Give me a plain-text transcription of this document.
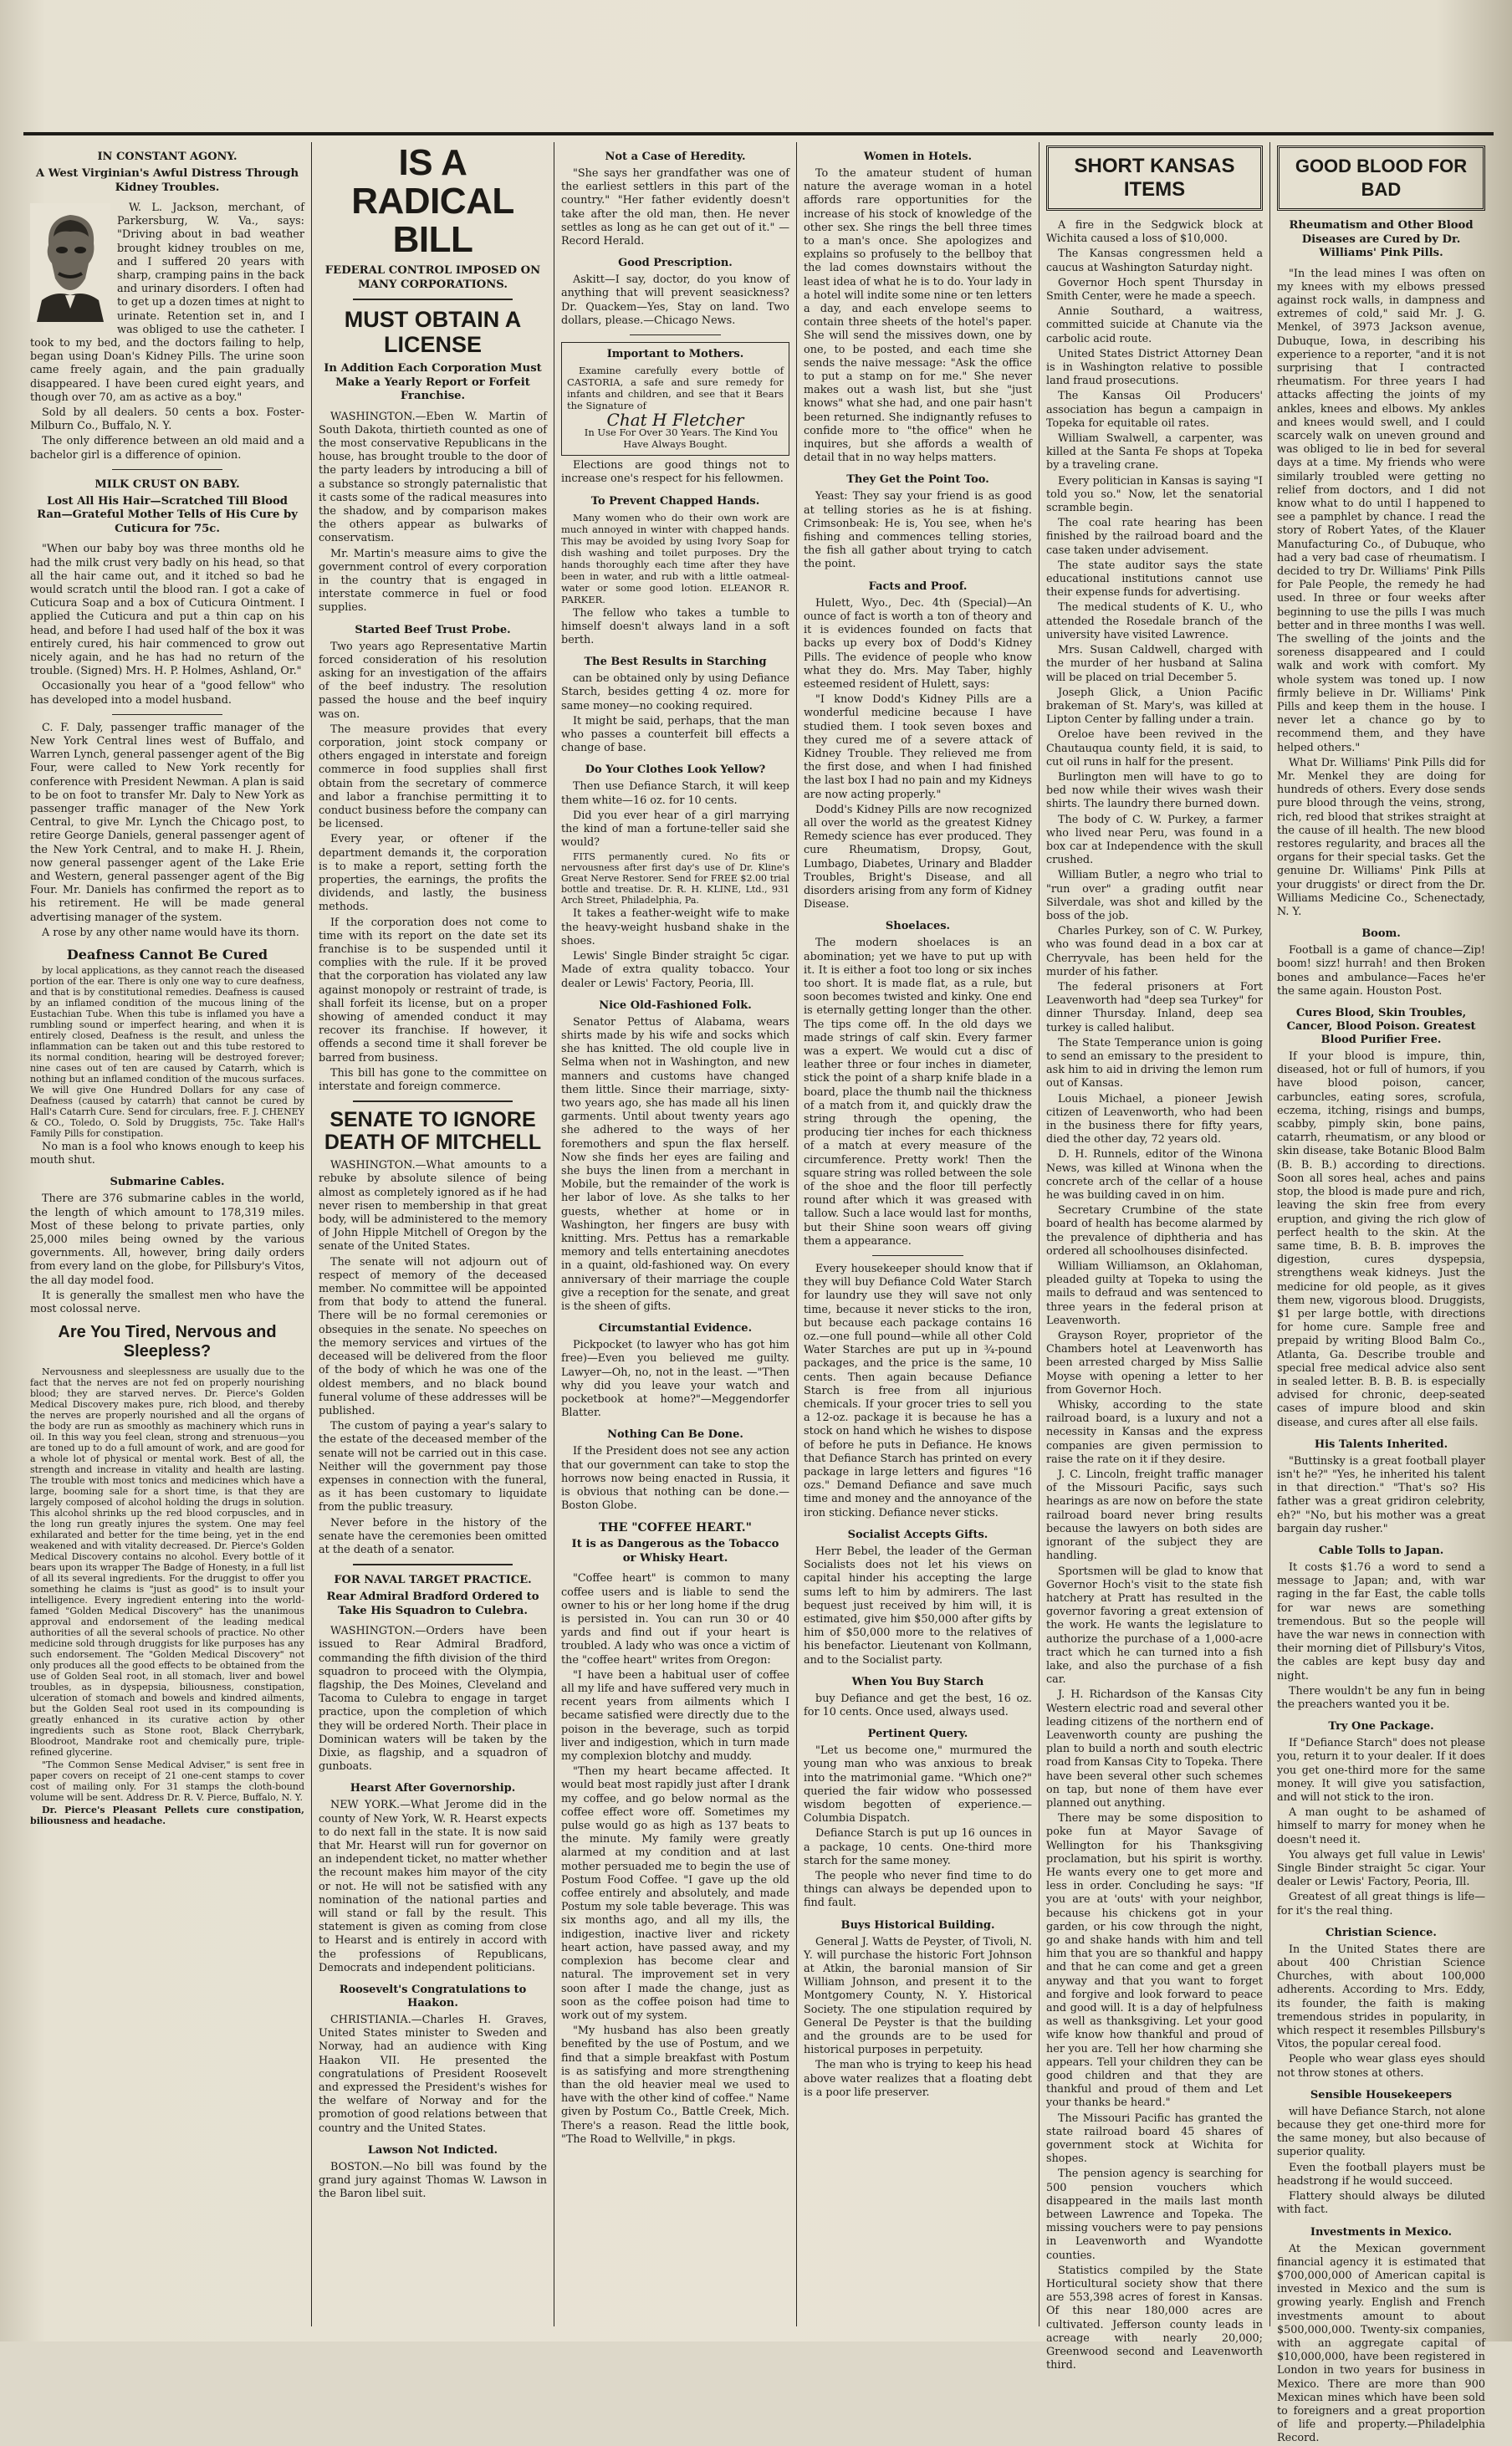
IN CONSTANT AGONY.
A West Virginian's Awful Distress Through Kidney Troubles.
W. L. Jackson, merchant, of Parkersburg, W. Va., says: "Driving about in bad weather brought kidney troubles on me, and I suffered 20 years with sharp, cramping pains in the back and urinary disorders. I often had to get up a dozen times at night to urinate. Retention set in, and I was obliged to use the catheter. I took to my bed, and the doctors failing to help, began using Doan's Kidney Pills. The urine soon came freely again, and the pain gradually disappeared. I have been cured eight years, and though over 70, am as active as a boy."
Sold by all dealers. 50 cents a box. Foster-Milburn Co., Buffalo, N. Y.
The only difference between an old maid and a bachelor girl is a difference of opinion.
MILK CRUST ON BABY.
Lost All His Hair—Scratched Till Blood Ran—Grateful Mother Tells of His Cure by Cuticura for 75c.
"When our baby boy was three months old he had the milk crust very badly on his head, so that all the hair came out, and it itched so bad he would scratch until the blood ran. I got a cake of Cuticura Soap and a box of Cuticura Ointment. I applied the Cuticura and put a thin cap on his head, and before I had used half of the box it was entirely cured, his hair commenced to grow out nicely again, and he has had no return of the trouble. (Signed) Mrs. H. P. Holmes, Ashland, Or."
Occasionally you hear of a "good fellow" who has developed into a model husband.
C. F. Daly, passenger traffic manager of the New York Central lines west of Buffalo, and Warren Lynch, general passenger agent of the Big Four, were called to New York recently for conference with President Newman. A plan is said to be on foot to transfer Mr. Daly to New York as passenger traffic manager of the New York Central, to give Mr. Lynch the Chicago post, to retire George Daniels, general passenger agent of the New York Central, and to make H. J. Rhein, now general passenger agent of the Lake Erie and Western, general passenger agent of the Big Four. Mr. Daniels has confirmed the report as to his retirement. He will be made general advertising manager of the system.
A rose by any other name would have its thorn.
Deafness Cannot Be Cured
by local applications, as they cannot reach the diseased portion of the ear. There is only one way to cure deafness, and that is by constitutional remedies. Deafness is caused by an inflamed condition of the mucous lining of the Eustachian Tube. When this tube is inflamed you have a rumbling sound or imperfect hearing, and when it is entirely closed, Deafness is the result, and unless the inflammation can be taken out and this tube restored to its normal condition, hearing will be destroyed forever; nine cases out of ten are caused by Catarrh, which is nothing but an inflamed condition of the mucous surfaces. We will give One Hundred Dollars for any case of Deafness (caused by catarrh) that cannot be cured by Hall's Catarrh Cure. Send for circulars, free. F. J. CHENEY & CO., Toledo, O. Sold by Druggists, 75c. Take Hall's Family Pills for constipation.
No man is a fool who knows enough to keep his mouth shut.
Submarine Cables.
There are 376 submarine cables in the world, the length of which amount to 178,319 miles. Most of these belong to private parties, only 25,000 miles being owned by the various governments. All, however, bring daily orders from every land on the globe, for Pillsbury's Vitos, the all day model food.
It is generally the smallest men who have the most colossal nerve.
Are You Tired, Nervous and Sleepless?
Nervousness and sleeplessness are usually due to the fact that the nerves are not fed on properly nourishing blood; they are starved nerves. Dr. Pierce's Golden Medical Discovery makes pure, rich blood, and thereby the nerves are properly nourished and all the organs of the body are run as smoothly as machinery which runs in oil. In this way you feel clean, strong and strenuous—you are toned up to do a full amount of work, and are good for a whole lot of physical or mental work. Best of all, the strength and increase in vitality and health are lasting. The trouble with most tonics and medicines which have a large, booming sale for a short time, is that they are largely composed of alcohol holding the drugs in solution. This alcohol shrinks up the red blood corpuscles, and in the long run greatly injures the system. One may feel exhilarated and better for the time being, yet in the end weakened and with vitality decreased. Dr. Pierce's Golden Medical Discovery contains no alcohol. Every bottle of it bears upon its wrapper The Badge of Honesty, in a full list of all its several ingredients. For the druggist to offer you something he claims is "just as good" is to insult your intelligence. Every ingredient entering into the world-famed "Golden Medical Discovery" has the unanimous approval and endorsement of the leading medical authorities of all the several schools of practice. No other medicine sold through druggists for like purposes has any such endorsement. The "Golden Medical Discovery" not only produces all the good effects to be obtained from the use of Golden Seal root, in all stomach, liver and bowel troubles, as in dyspepsia, biliousness, constipation, ulceration of stomach and bowels and kindred ailments, but the Golden Seal root used in its compounding is greatly enhanced in its curative action by other ingredients such as Stone root, Black Cherrybark, Bloodroot, Mandrake root and chemically pure, triple-refined glycerine.
"The Common Sense Medical Adviser," is sent free in paper covers on receipt of 21 one-cent stamps to cover cost of mailing only. For 31 stamps the cloth-bound volume will be sent. Address Dr. R. V. Pierce, Buffalo, N. Y.
Dr. Pierce's Pleasant Pellets cure constipation, biliousness and headache.
IS A RADICAL BILL
FEDERAL CONTROL IMPOSED ON MANY CORPORATIONS.
MUST OBTAIN A LICENSE
In Addition Each Corporation Must Make a Yearly Report or Forfeit Franchise.
WASHINGTON.—Eben W. Martin of South Dakota, thirtieth counted as one of the most conservative Republicans in the house, has brought trouble to the door of the party leaders by introducing a bill of a substance so strongly paternalistic that it casts some of the radical measures into the shadow, and by comparison makes the others appear as bulwarks of conservatism.
Mr. Martin's measure aims to give the government control of every corporation in the country that is engaged in interstate commerce in fuel or food supplies.
Started Beef Trust Probe.
Two years ago Representative Martin forced consideration of his resolution asking for an investigation of the affairs of the beef industry. The resolution passed the house and the beef inquiry was on.
The measure provides that every corporation, joint stock company or others engaged in interstate and foreign commerce in food supplies shall first obtain from the secretary of commerce and labor a franchise permitting it to conduct business before the company can be licensed.
Every year, or oftener if the department demands it, the corporation is to make a report, setting forth the properties, the earnings, the profits the dividends, and lastly, the business methods.
If the corporation does not come to time with its report on the date set its franchise is to be suspended until it complies with the rule. If it be proved that the corporation has violated any law against monopoly or restraint of trade, is shall forfeit its license, but on a proper showing of amended conduct it may recover its franchise. If however, it offends a second time it shall forever be barred from business.
This bill has gone to the committee on interstate and foreign commerce.
SENATE TO IGNORE DEATH OF MITCHELL
WASHINGTON.—What amounts to a rebuke by absolute silence of being almost as completely ignored as if he had never risen to membership in that great body, will be administered to the memory of John Hipple Mitchell of Oregon by the senate of the United States.
The senate will not adjourn out of respect of memory of the deceased member. No committee will be appointed from that body to attend the funeral. There will be no formal ceremonies or obsequies in the senate. No speeches on the memory services and virtues of the deceased will be delivered from the floor of the body of which he was one of the oldest members, and no black bound funeral volume of these addresses will be published.
The custom of paying a year's salary to the estate of the deceased member of the senate will not be carried out in this case. Neither will the government pay those expenses in connection with the funeral, as it has been customary to liquidate from the public treasury.
Never before in the history of the senate have the ceremonies been omitted at the death of a senator.
FOR NAVAL TARGET PRACTICE.
Rear Admiral Bradford Ordered to Take His Squadron to Culebra.
WASHINGTON.—Orders have been issued to Rear Admiral Bradford, commanding the fifth division of the third squadron to proceed with the Olympia, flagship, the Des Moines, Cleveland and Tacoma to Culebra to engage in target practice, upon the completion of which they will be ordered North. Their place in Dominican waters will be taken by the Dixie, as flagship, and a squadron of gunboats.
Hearst After Governorship.
NEW YORK.—What Jerome did in the county of New York, W. R. Hearst expects to do next fall in the state. It is now said that Mr. Hearst will run for governor on an independent ticket, no matter whether the recount makes him mayor of the city or not. He will not be satisfied with any nomination of the national parties and will stand or fall by the result. This statement is given as coming from close to Hearst and is entirely in accord with the professions of Republicans, Democrats and independent politicians.
Roosevelt's Congratulations to Haakon.
CHRISTIANIA.—Charles H. Graves, United States minister to Sweden and Norway, had an audience with King Haakon VII. He presented the congratulations of President Roosevelt and expressed the President's wishes for the welfare of Norway and for the promotion of good relations between that country and the United States.
Lawson Not Indicted.
BOSTON.—No bill was found by the grand jury against Thomas W. Lawson in the Baron libel suit.
Not a Case of Heredity.
"She says her grandfather was one of the earliest settlers in this part of the country." "Her father evidently doesn't take after the old man, then. He never settles as long as he can get out of it." —Record Herald.
Good Prescription.
Askitt—I say, doctor, do you know of anything that will prevent seasickness? Dr. Quackem—Yes, Stay on land. Two dollars, please.—Chicago News.
Important to Mothers.
Examine carefully every bottle of CASTORIA, a safe and sure remedy for infants and children, and see that it Bears the Signature of
Chat H Fletcher
In Use For Over 30 Years. The Kind You Have Always Bought.
Elections are good things not to increase one's respect for his fellowmen.
To Prevent Chapped Hands.
Many women who do their own work are much annoyed in winter with chapped hands. This may be avoided by using Ivory Soap for dish washing and toilet purposes. Dry the hands thoroughly each time after they have been in water, and rub with a little oatmeal-water or some good lotion. ELEANOR R. PARKER.
The fellow who takes a tumble to himself doesn't always land in a soft berth.
The Best Results in Starching
can be obtained only by using Defiance Starch, besides getting 4 oz. more for same money—no cooking required.
It might be said, perhaps, that the man who passes a counterfeit bill effects a change of base.
Do Your Clothes Look Yellow?
Then use Defiance Starch, it will keep them white—16 oz. for 10 cents.
Did you ever hear of a girl marrying the kind of man a fortune-teller said she would?
FITS permanently cured. No fits or nervousness after first day's use of Dr. Kline's Great Nerve Restorer. Send for FREE $2.00 trial bottle and treatise. Dr. R. H. KLINE, Ltd., 931 Arch Street, Philadelphia, Pa.
It takes a feather-weight wife to make the heavy-weight husband shake in the shoes.
Lewis' Single Binder straight 5c cigar. Made of extra quality tobacco. Your dealer or Lewis' Factory, Peoria, Ill.
Nice Old-Fashioned Folk.
Senator Pettus of Alabama, wears shirts made by his wife and socks which she has knitted. The old couple live in Selma when not in Washington, and new manners and customs have changed them little. Since their marriage, sixty-two years ago, she has made all his linen garments. Until about twenty years ago she adhered to the ways of her foremothers and spun the flax herself. Now she finds her eyes are failing and she buys the linen from a merchant in Mobile, but the remainder of the work is her labor of love. As she talks to her guests, whether at home or in Washington, her fingers are busy with knitting. Mrs. Pettus has a remarkable memory and tells entertaining anecdotes in a quaint, old-fashioned way. On every anniversary of their marriage the couple give a reception for the senate, and great is the sheen of gifts.
Circumstantial Evidence.
Pickpocket (to lawyer who has got him free)—Even you believed me guilty. Lawyer—Oh, no, not in the least. —"Then why did you leave your watch and pocketbook at home?"—Meggendorfer Blatter.
Nothing Can Be Done.
If the President does not see any action that our government can take to stop the horrows now being enacted in Russia, it is obvious that nothing can be done.—Boston Globe.
THE "COFFEE HEART."
It is as Dangerous as the Tobacco or Whisky Heart.
"Coffee heart" is common to many coffee users and is liable to send the owner to his or her long home if the drug is persisted in. You can run 30 or 40 yards and find out if your heart is troubled. A lady who was once a victim of the "coffee heart" writes from Oregon:
"I have been a habitual user of coffee all my life and have suffered very much in recent years from ailments which I became satisfied were directly due to the poison in the beverage, such as torpid liver and indigestion, which in turn made my complexion blotchy and muddy.
"Then my heart became affected. It would beat most rapidly just after I drank my coffee, and go below normal as the coffee effect wore off. Sometimes my pulse would go as high as 137 beats to the minute. My family were greatly alarmed at my condition and at last mother persuaded me to begin the use of Postum Food Coffee. "I gave up the old coffee entirely and absolutely, and made Postum my sole table beverage. This was six months ago, and all my ills, the indigestion, inactive liver and rickety heart action, have passed away, and my complexion has become clear and natural. The improvement set in very soon after I made the change, just as soon as the coffee poison had time to work out of my system.
"My husband has also been greatly benefited by the use of Postum, and we find that a simple breakfast with Postum is as satisfying and more strengthening than the old heavier meal we used to have with the other kind of coffee." Name given by Postum Co., Battle Creek, Mich. There's a reason. Read the little book, "The Road to Wellville," in pkgs.
Women in Hotels.
To the amateur student of human nature the average woman in a hotel affords rare opportunities for the increase of his stock of knowledge of the other sex. She rings the bell three times to a man's once. She apologizes and explains so profusely to the bellboy that the lad comes downstairs without the least idea of what he is to do. Your lady in a hotel will indite some nine or ten letters a day, and each envelope seems to contain three sheets of the hotel's paper. She will send the missives down, one by one, to be posted, and each time she sends the naive message: "Ask the office to put a stamp on for me." She never makes out a wash list, but she "just knows" what she had, and one pair hasn't been returned. She indignantly refuses to confide more to "the office" when he inquires, but she affords a wealth of detail that in no way helps matters.
They Get the Point Too.
Yeast: They say your friend is as good at telling stories as he is at fishing. Crimsonbeak: He is, You see, when he's fishing and commences telling stories, the fish all gather about trying to catch the point.
Facts and Proof.
Hulett, Wyo., Dec. 4th (Special)—An ounce of fact is worth a ton of theory and it is evidences founded on facts that backs up every box of Dodd's Kidney Pills. The evidence of people who know what they do. Mrs. May Taber, highly esteemed resident of Hulett, says:
"I know Dodd's Kidney Pills are a wonderful medicine because I have studied them. I took seven boxes and they cured me of a severe attack of Kidney Trouble. They relieved me from the first dose, and when I had finished the last box I had no pain and my Kidneys are now acting properly."
Dodd's Kidney Pills are now recognized all over the world as the greatest Kidney Remedy science has ever produced. They cure Rheumatism, Dropsy, Gout, Lumbago, Diabetes, Urinary and Bladder Troubles, Bright's Disease, and all disorders arising from any form of Kidney Disease.
Shoelaces.
The modern shoelaces is an abomination; yet we have to put up with it. It is either a foot too long or six inches too short. It is made flat, as a rule, but soon becomes twisted and kinky. One end is eternally getting longer than the other. The tips come off. In the old days we made strings of calf skin. Every farmer was a expert. We would cut a disc of leather three or four inches in diameter, stick the point of a sharp knife blade in a board, place the thumb nail the thickness of a match from it, and quickly draw the string through the opening, the producing tier inches for each thickness of a match at every measure of the circumference. Pretty work! Then the square string was rolled between the sole of the shoe and the floor till perfectly round after which it was greased with tallow. Such a lace would last for months, but their Shine soon wears off giving them a appearance.
Every housekeeper should know that if they will buy Defiance Cold Water Starch for laundry use they will save not only time, because it never sticks to the iron, but because each package contains 16 oz.—one full pound—while all other Cold Water Starches are put up in ¾-pound packages, and the price is the same, 10 cents. Then again because Defiance Starch is free from all injurious chemicals. If your grocer tries to sell you a 12-oz. package it is because he has a stock on hand which he wishes to dispose of before he puts in Defiance. He knows that Defiance Starch has printed on every package in large letters and figures "16 ozs." Demand Defiance and save much time and money and the annoyance of the iron sticking. Defiance never sticks.
Socialist Accepts Gifts.
Herr Bebel, the leader of the German Socialists does not let his views on capital hinder his accepting the large sums left to him by admirers. The last bequest just received by him will, it is estimated, give him $50,000 after gifts by him of $50,000 more to the relatives of his benefactor. Lieutenant von Kollmann, and to the Socialist party.
When You Buy Starch
buy Defiance and get the best, 16 oz. for 10 cents. Once used, always used.
Pertinent Query.
"Let us become one," murmured the young man who was anxious to break into the matrimonial game. "Which one?" queried the fair widow who possessed wisdom begotten of experience.—Columbia Dispatch.
Defiance Starch is put up 16 ounces in a package, 10 cents. One-third more starch for the same money.
The people who never find time to do things can always be depended upon to find fault.
Buys Historical Building.
General J. Watts de Peyster, of Tivoli, N. Y. will purchase the historic Fort Johnson at Atkin, the baronial mansion of Sir William Johnson, and present it to the Montgomery County, N. Y. Historical Society. The one stipulation required by General De Peyster is that the building and the grounds are to be used for historical purposes in perpetuity.
The man who is trying to keep his head above water realizes that a floating debt is a poor life preserver.
SHORT KANSAS ITEMS
A fire in the Sedgwick block at Wichita caused a loss of $10,000.
The Kansas congressmen held a caucus at Washington Saturday night.
Governor Hoch spent Thursday in Smith Center, were he made a speech.
Annie Southard, a waitress, committed suicide at Chanute via the carbolic acid route.
United States District Attorney Dean is in Washington relative to possible land fraud prosecutions.
The Kansas Oil Producers' association has begun a campaign in Topeka for equitable oil rates.
William Swalwell, a carpenter, was killed at the Santa Fe shops at Topeka by a traveling crane.
Every politician in Kansas is saying "I told you so." Now, let the senatorial scramble begin.
The coal rate hearing has been finished by the railroad board and the case taken under advisement.
The state auditor says the state educational institutions cannot use their expense funds for advertising.
The medical students of K. U., who attended the Rosedale branch of the university have visited Lawrence.
Mrs. Susan Caldwell, charged with the murder of her husband at Salina will be placed on trial December 5.
Joseph Glick, a Union Pacific brakeman of St. Mary's, was killed at Lipton Center by falling under a train.
Oreloe have been revived in the Chautauqua county field, it is said, to cut oil runs in half for the present.
Burlington men will have to go to bed now while their wives wash their shirts. The laundry there burned down.
The body of C. W. Purkey, a farmer who lived near Peru, was found in a box car at Independence with the skull crushed.
William Butler, a negro who trial to "run over" a grading outfit near Silverdale, was shot and killed by the boss of the job.
Charles Purkey, son of C. W. Purkey, who was found dead in a box car at Cherryvale, has been held for the murder of his father.
The federal prisoners at Fort Leavenworth had "deep sea Turkey" for dinner Thursday. Inland, deep sea turkey is called halibut.
The State Temperance union is going to send an emissary to the president to ask him to aid in driving the lemon rum out of Kansas.
Louis Michael, a pioneer Jewish citizen of Leavenworth, who had been in the business there for fifty years, died the other day, 72 years old.
D. H. Runnels, editor of the Winona News, was killed at Winona when the concrete arch of the cellar of a house he was building caved in on him.
Secretary Crumbine of the state board of health has become alarmed by the prevalence of diphtheria and has ordered all schoolhouses disinfected.
William Williamson, an Oklahoman, pleaded guilty at Topeka to using the mails to defraud and was sentenced to three years in the federal prison at Leavenworth.
Grayson Royer, proprietor of the Chambers hotel at Leavenworth has been arrested charged by Miss Sallie Moyse with opening a letter to her from Governor Hoch.
Whisky, according to the state railroad board, is a luxury and not a necessity in Kansas and the express companies are given permission to raise the rate on it if they desire.
J. C. Lincoln, freight traffic manager of the Missouri Pacific, says such hearings as are now on before the state railroad board never bring results because the lawyers on both sides are ignorant of the subject they are handling.
Sportsmen will be glad to know that Governor Hoch's visit to the state fish hatchery at Pratt has resulted in the governor favoring a great extension of the work. He wants the legislature to authorize the purchase of a 1,000-acre tract which he can turned into a fish lake, and also the purchase of a fish car.
J. H. Richardson of the Kansas City Western electric road and several other leading citizens of the northern end of Leavenworth county are pushing the plan to build a north and south electric road from Kansas City to Topeka. There have been several other such schemes on tap, but none of them have ever planned out anything.
There may be some disposition to poke fun at Mayor Savage of Wellington for his Thanksgiving proclamation, but his spirit is worthy. He wants every one to get more and less in order. Concluding he says: "If you are at 'outs' with your neighbor, because his chickens got in your garden, or his cow through the night, go and shake hands with him and tell him that you are so thankful and happy and that he can come and get a green anyway and that you want to forget and forgive and look forward to peace and good will. It is a day of helpfulness as well as thanksgiving. Let your good wife know how thankful and proud of her you are. Tell her how charming she appears. Tell your children they can be good children and that they are thankful and proud of them and Let your thanks be heard."
The Missouri Pacific has granted the state railroad board 45 shares of government stock at Wichita for shopes.
The pension agency is searching for 500 pension vouchers which disappeared in the mails last month between Lawrence and Topeka. The missing vouchers were to pay pensions in Leavenworth and Wyandotte counties.
Statistics compiled by the State Horticultural society show that there are 553,398 acres of forest in Kansas. Of this near 180,000 acres are cultivated. Jefferson county leads in acreage with nearly 20,000; Greenwood second and Leavenworth third.
GOOD BLOOD FOR BAD
Rheumatism and Other Blood Diseases are Cured by Dr. Williams' Pink Pills.
"In the lead mines I was often on my knees with my elbows pressed against rock walls, in dampness and extremes of cold," said Mr. J. G. Menkel, of 3973 Jackson avenue, Dubuque, Iowa, in describing his experience to a reporter, "and it is not surprising that I contracted rheumatism. For three years I had attacks affecting the joints of my ankles, knees and elbows. My ankles and knees would swell, and I could scarcely walk on uneven ground and was obliged to lie in bed for several days at a time. My friends who were similarly troubled were getting no relief from doctors, and I did not know what to do until I happened to see a pamphlet by chance. I read the story of Robert Yates, of the Klauer Manufacturing Co., of Dubuque, who had a very bad case of rheumatism. I decided to try Dr. Williams' Pink Pills for Pale People, the remedy he had used. In three or four weeks after beginning to use the pills I was much better and in three months I was well. The swelling of the joints and the soreness disappeared and I could walk and work with comfort. My whole system was toned up. I now firmly believe in Dr. Williams' Pink Pills and keep them in the house. I never let a chance go by to recommend them, and they have helped others."
What Dr. Williams' Pink Pills did for Mr. Menkel they are doing for hundreds of others. Every dose sends pure blood through the veins, strong, rich, red blood that strikes straight at the cause of ill health. The new blood restores regularity, and braces all the organs for their special tasks. Get the genuine Dr. Williams' Pink Pills at your druggists' or direct from the Dr. Williams Medicine Co., Schenectady, N. Y.
Boom.
Football is a game of chance—Zip! boom! sizz! hurrah! and then Broken bones and ambulance—Faces he'er the same again. Houston Post.
Cures Blood, Skin Troubles, Cancer, Blood Poison. Greatest Blood Purifier Free.
If your blood is impure, thin, diseased, hot or full of humors, if you have blood poison, cancer, carbuncles, eating sores, scrofula, eczema, itching, risings and bumps, scabby, pimply skin, bone pains, catarrh, rheumatism, or any blood or skin disease, take Botanic Blood Balm (B. B. B.) according to directions. Soon all sores heal, aches and pains stop, the blood is made pure and rich, leaving the skin free from every eruption, and giving the rich glow of perfect health to the skin. At the same time, B. B. B. improves the digestion, cures dyspepsia, strengthens weak kidneys. Just the medicine for old people, as it gives them new, vigorous blood. Druggists, $1 per large bottle, with directions for home cure. Sample free and prepaid by writing Blood Balm Co., Atlanta, Ga. Describe trouble and special free medical advice also sent in sealed letter. B. B. B. is especially advised for chronic, deep-seated cases of impure blood and skin disease, and cures after all else fails.
His Talents Inherited.
"Buttinsky is a great football player isn't he?" "Yes, he inherited his talent in that direction." "That's so? His father was a great gridiron celebrity, eh?" "No, but his mother was a great bargain day rusher."
Cable Tolls to Japan.
It costs $1.76 a word to send a message to Japan; and, with war raging in the far East, the cable tolls for war news are something tremendous. But so the people will have the war news in connection with their morning diet of Pillsbury's Vitos, the cables are kept busy day and night.
There wouldn't be any fun in being the preachers wanted you it be.
Try One Package.
If "Defiance Starch" does not please you, return it to your dealer. If it does you get one-third more for the same money. It will give you satisfaction, and will not stick to the iron.
A man ought to be ashamed of himself to marry for money when he doesn't need it.
You always get full value in Lewis' Single Binder straight 5c cigar. Your dealer or Lewis' Factory, Peoria, Ill.
Greatest of all great things is life—for it's the real thing.
Christian Science.
In the United States there are about 400 Christian Science Churches, with about 100,000 adherents. According to Mrs. Eddy, its founder, the faith is making tremendous strides in popularity, in which respect it resembles Pillsbury's Vitos, the popular cereal food.
People who wear glass eyes should not throw stones at others.
Sensible Housekeepers
will have Defiance Starch, not alone because they get one-third more for the same money, but also because of superior quality.
Even the football players must be headstrong if he would succeed.
Flattery should always be diluted with fact.
Investments in Mexico.
At the Mexican government financial agency it is estimated that $700,000,000 of American capital is invested in Mexico and the sum is growing yearly. English and French investments amount to about $500,000,000. Twenty-six companies, with an aggregate capital of $10,000,000, have been registered in London in two years for business in Mexico. There are more than 900 Mexican mines which have been sold to foreigners and a great proportion of life and property.—Philadelphia Record.
